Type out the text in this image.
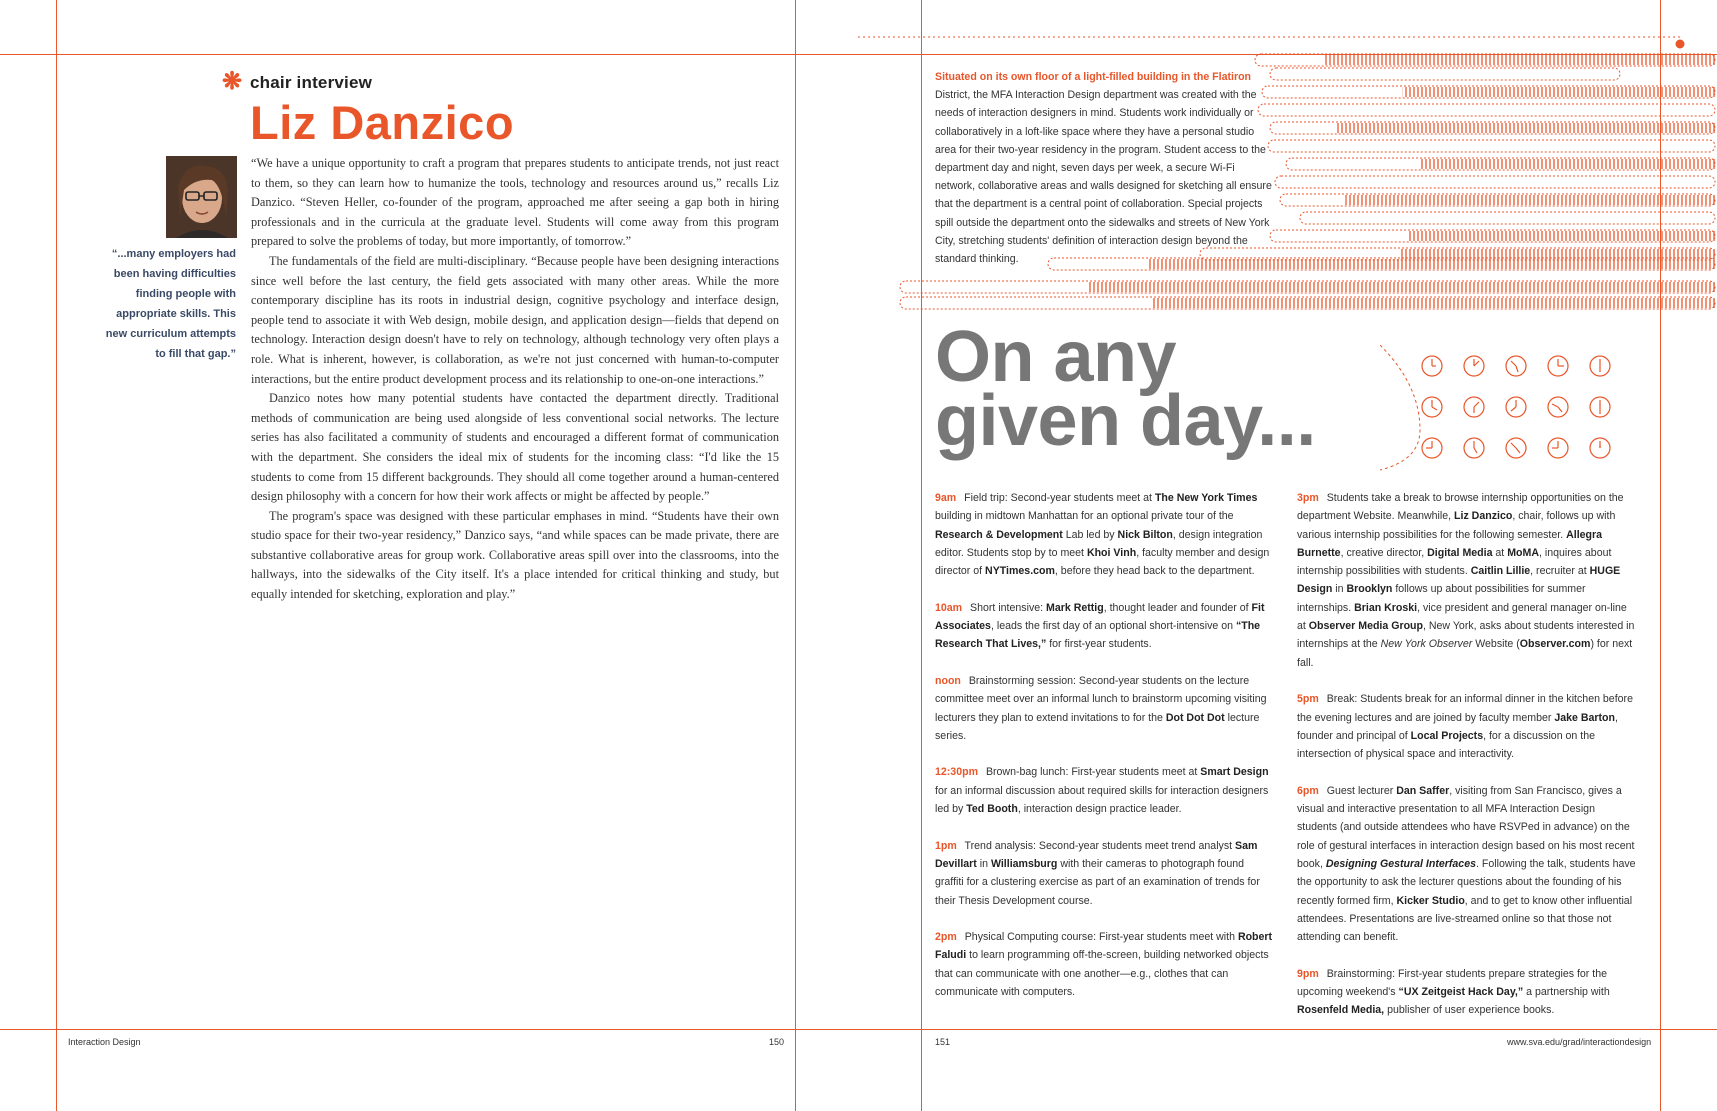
❋ chair interview
Liz Danzico
“...many employers had been having difficulties finding people with appropriate skills. This new curriculum attempts to fill that gap.”

“We have a unique opportunity to craft a program that prepares students to anticipate trends, not just react to them, so they can learn how to humanize the tools, technology and resources around us,” recalls Liz Danzico. “Steven Heller, co-founder of the program, approached me after seeing a gap both in hiring professionals and in the curricula at the graduate level. Students will come away from this program prepared to solve the problems of today, but more importantly, of tomorrow.”

The fundamentals of the field are multi-disciplinary. “Because people have been designing interactions since well before the last century, the field gets associated with many other areas. While the more contemporary discipline has its roots in industrial design, cognitive psychology and interface design, people tend to associate it with Web design, mobile design, and application design—fields that depend on technology. Interaction design doesn't have to rely on technology, although technology very often plays a role. What is inherent, however, is collaboration, as we're not just concerned with human-to-computer interactions, but the entire product development process and its relationship to one-on-one interactions.”

Danzico notes how many potential students have contacted the department directly. Traditional methods of communication are being used alongside of less conventional social networks. The lecture series has also facilitated a community of students and encouraged a different format of communication with the department. She considers the ideal mix of students for the incoming class: “I'd like the 15 students to come from 15 different backgrounds. They should all come together around a human-centered design philosophy with a concern for how their work affects or might be affected by people.”

The program's space was designed with these particular emphases in mind. “Students have their own studio space for their two-year residency,” Danzico says, “and while spaces can be made private, there are substantive collaborative areas for group work. Collaborative areas spill over into the classrooms, into the hallways, into the sidewalks of the City itself. It's a place intended for critical thinking and study, but equally intended for sketching, exploration and play.”

Interaction Design	150
Situated on its own floor of a light-filled building in the Flatiron District, the MFA Interaction Design department was created with the needs of interaction designers in mind. Students work individually or collaboratively in a loft-like space where they have a personal studio area for their two-year residency in the program. Student access to the department day and night, seven days per week, a secure Wi-Fi network, collaborative areas and walls designed for sketching all ensure that the department is a central point of collaboration. Special projects spill outside the department onto the sidewalks and streets of New York City, stretching students' definition of interaction design beyond the standard thinking.
On any
given day...

9am Field trip: Second-year students meet at The New York Times building in midtown Manhattan for an optional private tour of the Research & Development Lab led by Nick Bilton, design integration editor. Students stop by to meet Khoi Vinh, faculty member and design director of NYTimes.com, before they head back to the department.

10am Short intensive: Mark Rettig, thought leader and founder of Fit Associates, leads the first day of an optional short-intensive on “The Research That Lives,” for first-year students.

noon Brainstorming session: Second-year students on the lecture committee meet over an informal lunch to brainstorm upcoming visiting lecturers they plan to extend invitations to for the Dot Dot Dot lecture series.

12:30pm Brown-bag lunch: First-year students meet at Smart Design for an informal discussion about required skills for interaction designers led by Ted Booth, interaction design practice leader.

1pm Trend analysis: Second-year students meet trend analyst Sam Devillart in Williamsburg with their cameras to photograph found graffiti for a clustering exercise as part of an examination of trends for their Thesis Development course.

2pm Physical Computing course: First-year students meet with Robert Faludi to learn programming off-the-screen, building networked objects that can communicate with one another—e.g., clothes that can communicate with computers.

3pm Students take a break to browse internship opportunities on the department Website. Meanwhile, Liz Danzico, chair, follows up with various internship possibilities for the following semester. Allegra Burnette, creative director, Digital Media at MoMA, inquires about internship possibilities with students. Caitlin Lillie, recruiter at HUGE Design in Brooklyn follows up about possibilities for summer internships. Brian Kroski, vice president and general manager on-line at Observer Media Group, New York, asks about students interested in internships at the New York Observer Website (Observer.com) for next fall.

5pm Break: Students break for an informal dinner in the kitchen before the evening lectures and are joined by faculty member Jake Barton, founder and principal of Local Projects, for a discussion on the intersection of physical space and interactivity.

6pm Guest lecturer Dan Saffer, visiting from San Francisco, gives a visual and interactive presentation to all MFA Interaction Design students (and outside attendees who have RSVPed in advance) on the role of gestural interfaces in interaction design based on his most recent book, Designing Gestural Interfaces. Following the talk, students have the opportunity to ask the lecturer questions about the founding of his recently formed firm, Kicker Studio, and to get to know other influential attendees. Presentations are live-streamed online so that those not attending can benefit.

9pm Brainstorming: First-year students prepare strategies for the upcoming weekend's “UX Zeitgeist Hack Day,” a partnership with Rosenfeld Media, publisher of user experience books.

151	www.sva.edu/grad/interactiondesign
